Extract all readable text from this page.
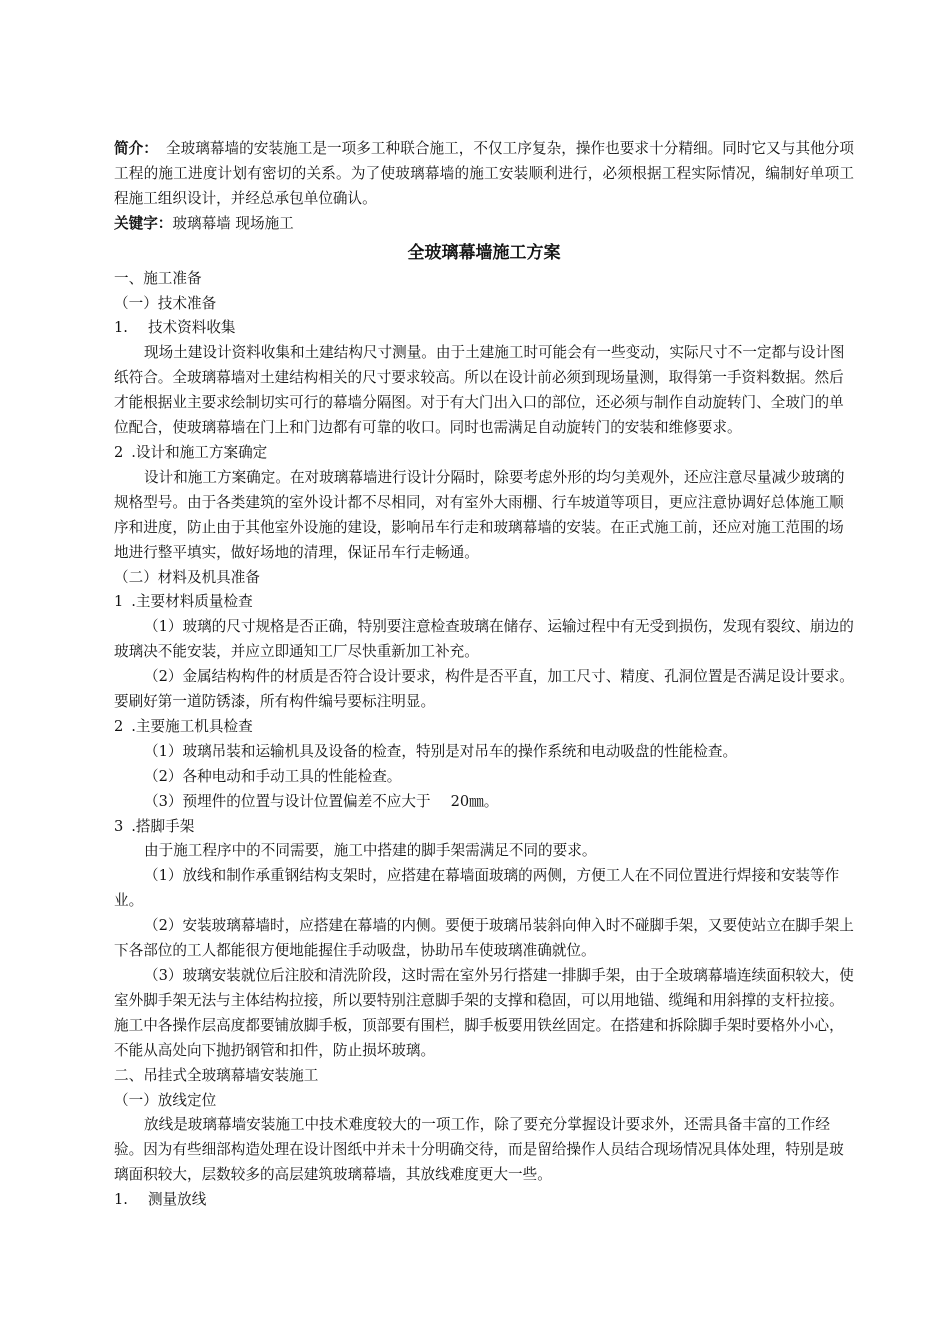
简介： 全玻璃幕墙的安装施工是一项多工种联合施工，不仅工序复杂，操作也要求十分精细。同时它又与其他分项工程的施工进度计划有密切的关系。为了使玻璃幕墙的施工安装顺利进行，必须根据工程实际情况，编制好单项工程施工组织设计，并经总承包单位确认。

关键字：玻璃幕墙 现场施工

全玻璃幕墙施工方案

一、施工准备

（一）技术准备

1. 技术资料收集

现场土建设计资料收集和土建结构尺寸测量。由于土建施工时可能会有一些变动，实际尺寸不一定都与设计图纸符合。全玻璃幕墙对土建结构相关的尺寸要求较高。所以在设计前必须到现场量测，取得第一手资料数据。然后才能根据业主要求绘制切实可行的幕墙分隔图。对于有大门出入口的部位，还必须与制作自动旋转门、全玻门的单位配合，使玻璃幕墙在门上和门边都有可靠的收口。同时也需满足自动旋转门的安装和维修要求。

2 .设计和施工方案确定

设计和施工方案确定。在对玻璃幕墙进行设计分隔时，除要考虑外形的均匀美观外，还应注意尽量减少玻璃的规格型号。由于各类建筑的室外设计都不尽相同，对有室外大雨棚、行车坡道等项目，更应注意协调好总体施工顺序和进度，防止由于其他室外设施的建设，影响吊车行走和玻璃幕墙的安装。在正式施工前，还应对施工范围的场地进行整平填实，做好场地的清理，保证吊车行走畅通。

（二）材料及机具准备

1 .主要材料质量检查

（1）玻璃的尺寸规格是否正确，特别要注意检查玻璃在储存、运输过程中有无受到损伤，发现有裂纹、崩边的玻璃决不能安装，并应立即通知工厂尽快重新加工补充。

（2）金属结构构件的材质是否符合设计要求，构件是否平直，加工尺寸、精度、孔洞位置是否满足设计要求。要刷好第一道防锈漆，所有构件编号要标注明显。

2 .主要施工机具检查

（1）玻璃吊装和运输机具及设备的检查，特别是对吊车的操作系统和电动吸盘的性能检查。

（2）各种电动和手动工具的性能检查。

（3）预埋件的位置与设计位置偏差不应大于 20㎜。

3 .搭脚手架

由于施工程序中的不同需要，施工中搭建的脚手架需满足不同的要求。

（1）放线和制作承重钢结构支架时，应搭建在幕墙面玻璃的两侧，方便工人在不同位置进行焊接和安装等作业。

（2）安装玻璃幕墙时，应搭建在幕墙的内侧。要便于玻璃吊装斜向伸入时不碰脚手架，又要使站立在脚手架上下各部位的工人都能很方便地能握住手动吸盘，协助吊车使玻璃准确就位。

（3）玻璃安装就位后注胶和清洗阶段，这时需在室外另行搭建一排脚手架，由于全玻璃幕墙连续面积较大，使室外脚手架无法与主体结构拉接，所以要特别注意脚手架的支撑和稳固，可以用地锚、缆绳和用斜撑的支杆拉接。施工中各操作层高度都要铺放脚手板，顶部要有围栏，脚手板要用铁丝固定。在搭建和拆除脚手架时要格外小心，不能从高处向下抛扔钢管和扣件，防止损坏玻璃。

二、吊挂式全玻璃幕墙安装施工

（一）放线定位

放线是玻璃幕墙安装施工中技术难度较大的一项工作，除了要充分掌握设计要求外，还需具备丰富的工作经验。因为有些细部构造处理在设计图纸中并未十分明确交待，而是留给操作人员结合现场情况具体处理，特别是玻璃面积较大，层数较多的高层建筑玻璃幕墙，其放线难度更大一些。

1. 测量放线
